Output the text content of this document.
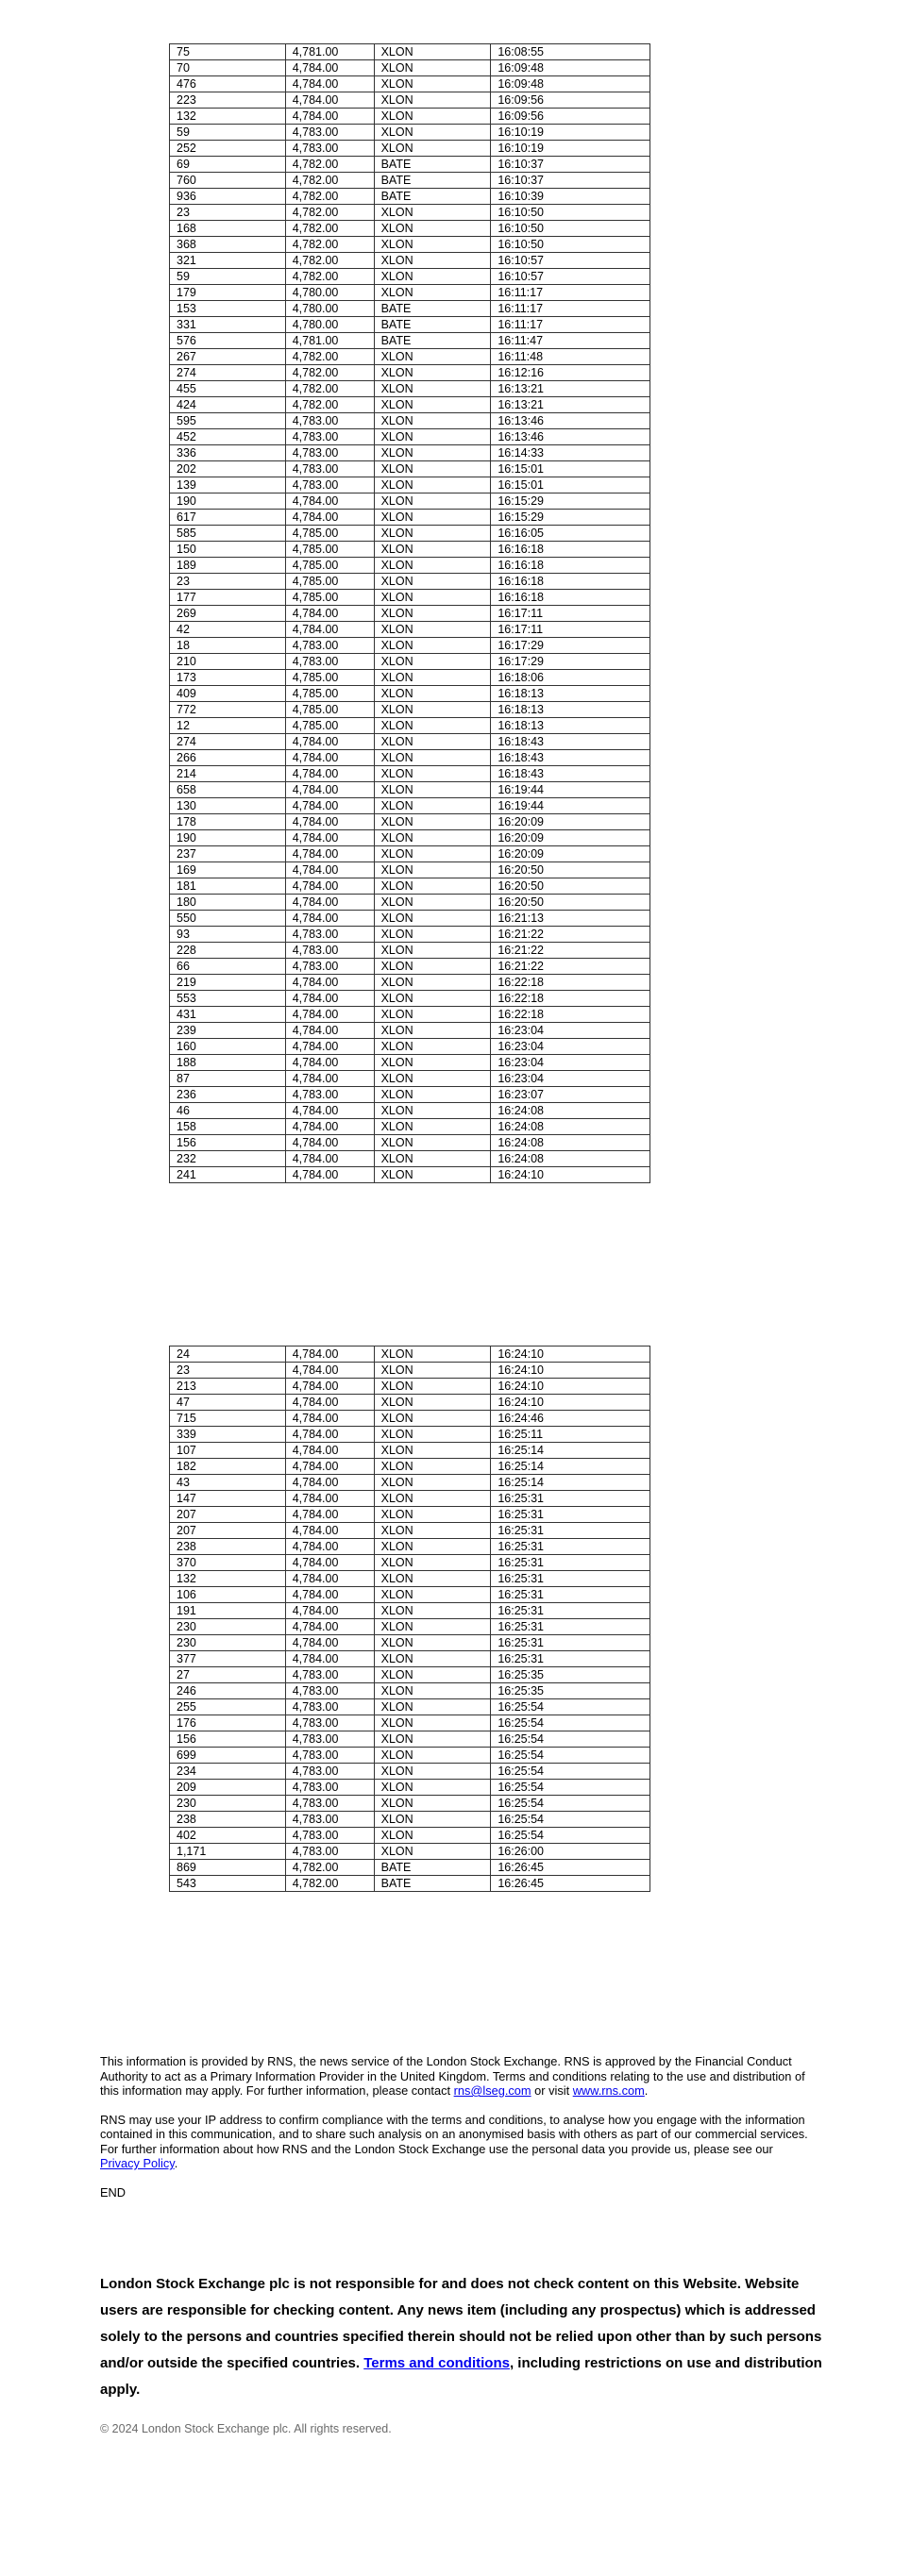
75	4,781.00	XLON	16:08:55
70	4,784.00	XLON	16:09:48
476	4,784.00	XLON	16:09:48
223	4,784.00	XLON	16:09:56
132	4,784.00	XLON	16:09:56
59	4,783.00	XLON	16:10:19
252	4,783.00	XLON	16:10:19
69	4,782.00	BATE	16:10:37
760	4,782.00	BATE	16:10:37
936	4,782.00	BATE	16:10:39
23	4,782.00	XLON	16:10:50
168	4,782.00	XLON	16:10:50
368	4,782.00	XLON	16:10:50
321	4,782.00	XLON	16:10:57
59	4,782.00	XLON	16:10:57
179	4,780.00	XLON	16:11:17
153	4,780.00	BATE	16:11:17
331	4,780.00	BATE	16:11:17
576	4,781.00	BATE	16:11:47
267	4,782.00	XLON	16:11:48
274	4,782.00	XLON	16:12:16
455	4,782.00	XLON	16:13:21
424	4,782.00	XLON	16:13:21
595	4,783.00	XLON	16:13:46
452	4,783.00	XLON	16:13:46
336	4,783.00	XLON	16:14:33
202	4,783.00	XLON	16:15:01
139	4,783.00	XLON	16:15:01
190	4,784.00	XLON	16:15:29
617	4,784.00	XLON	16:15:29
585	4,785.00	XLON	16:16:05
150	4,785.00	XLON	16:16:18
189	4,785.00	XLON	16:16:18
23	4,785.00	XLON	16:16:18
177	4,785.00	XLON	16:16:18
269	4,784.00	XLON	16:17:11
42	4,784.00	XLON	16:17:11
18	4,783.00	XLON	16:17:29
210	4,783.00	XLON	16:17:29
173	4,785.00	XLON	16:18:06
409	4,785.00	XLON	16:18:13
772	4,785.00	XLON	16:18:13
12	4,785.00	XLON	16:18:13
274	4,784.00	XLON	16:18:43
266	4,784.00	XLON	16:18:43
214	4,784.00	XLON	16:18:43
658	4,784.00	XLON	16:19:44
130	4,784.00	XLON	16:19:44
178	4,784.00	XLON	16:20:09
190	4,784.00	XLON	16:20:09
237	4,784.00	XLON	16:20:09
169	4,784.00	XLON	16:20:50
181	4,784.00	XLON	16:20:50
180	4,784.00	XLON	16:20:50
550	4,784.00	XLON	16:21:13
93	4,783.00	XLON	16:21:22
228	4,783.00	XLON	16:21:22
66	4,783.00	XLON	16:21:22
219	4,784.00	XLON	16:22:18
553	4,784.00	XLON	16:22:18
431	4,784.00	XLON	16:22:18
239	4,784.00	XLON	16:23:04
160	4,784.00	XLON	16:23:04
188	4,784.00	XLON	16:23:04
87	4,784.00	XLON	16:23:04
236	4,783.00	XLON	16:23:07
46	4,784.00	XLON	16:24:08
158	4,784.00	XLON	16:24:08
156	4,784.00	XLON	16:24:08
232	4,784.00	XLON	16:24:08
241	4,784.00	XLON	16:24:10
24	4,784.00	XLON	16:24:10
23	4,784.00	XLON	16:24:10
213	4,784.00	XLON	16:24:10
47	4,784.00	XLON	16:24:10
715	4,784.00	XLON	16:24:46
339	4,784.00	XLON	16:25:11
107	4,784.00	XLON	16:25:14
182	4,784.00	XLON	16:25:14
43	4,784.00	XLON	16:25:14
147	4,784.00	XLON	16:25:31
207	4,784.00	XLON	16:25:31
207	4,784.00	XLON	16:25:31
238	4,784.00	XLON	16:25:31
370	4,784.00	XLON	16:25:31
132	4,784.00	XLON	16:25:31
106	4,784.00	XLON	16:25:31
191	4,784.00	XLON	16:25:31
230	4,784.00	XLON	16:25:31
230	4,784.00	XLON	16:25:31
377	4,784.00	XLON	16:25:31
27	4,783.00	XLON	16:25:35
246	4,783.00	XLON	16:25:35
255	4,783.00	XLON	16:25:54
176	4,783.00	XLON	16:25:54
156	4,783.00	XLON	16:25:54
699	4,783.00	XLON	16:25:54
234	4,783.00	XLON	16:25:54
209	4,783.00	XLON	16:25:54
230	4,783.00	XLON	16:25:54
238	4,783.00	XLON	16:25:54
402	4,783.00	XLON	16:25:54
1,171	4,783.00	XLON	16:26:00
869	4,782.00	BATE	16:26:45
543	4,782.00	BATE	16:26:45

This information is provided by RNS, the news service of the London Stock Exchange. RNS is approved by the Financial Conduct Authority to act as a Primary Information Provider in the United Kingdom. Terms and conditions relating to the use and distribution of this information may apply. For further information, please contact rns@lseg.com or visit www.rns.com.

RNS may use your IP address to confirm compliance with the terms and conditions, to analyse how you engage with the information contained in this communication, and to share such analysis on an anonymised basis with others as part of our commercial services. For further information about how RNS and the London Stock Exchange use the personal data you provide us, please see our Privacy Policy.

END

London Stock Exchange plc is not responsible for and does not check content on this Website. Website users are responsible for checking content. Any news item (including any prospectus) which is addressed solely to the persons and countries specified therein should not be relied upon other than by such persons and/or outside the specified countries. Terms and conditions, including restrictions on use and distribution apply.
© 2024 London Stock Exchange plc. All rights reserved.
